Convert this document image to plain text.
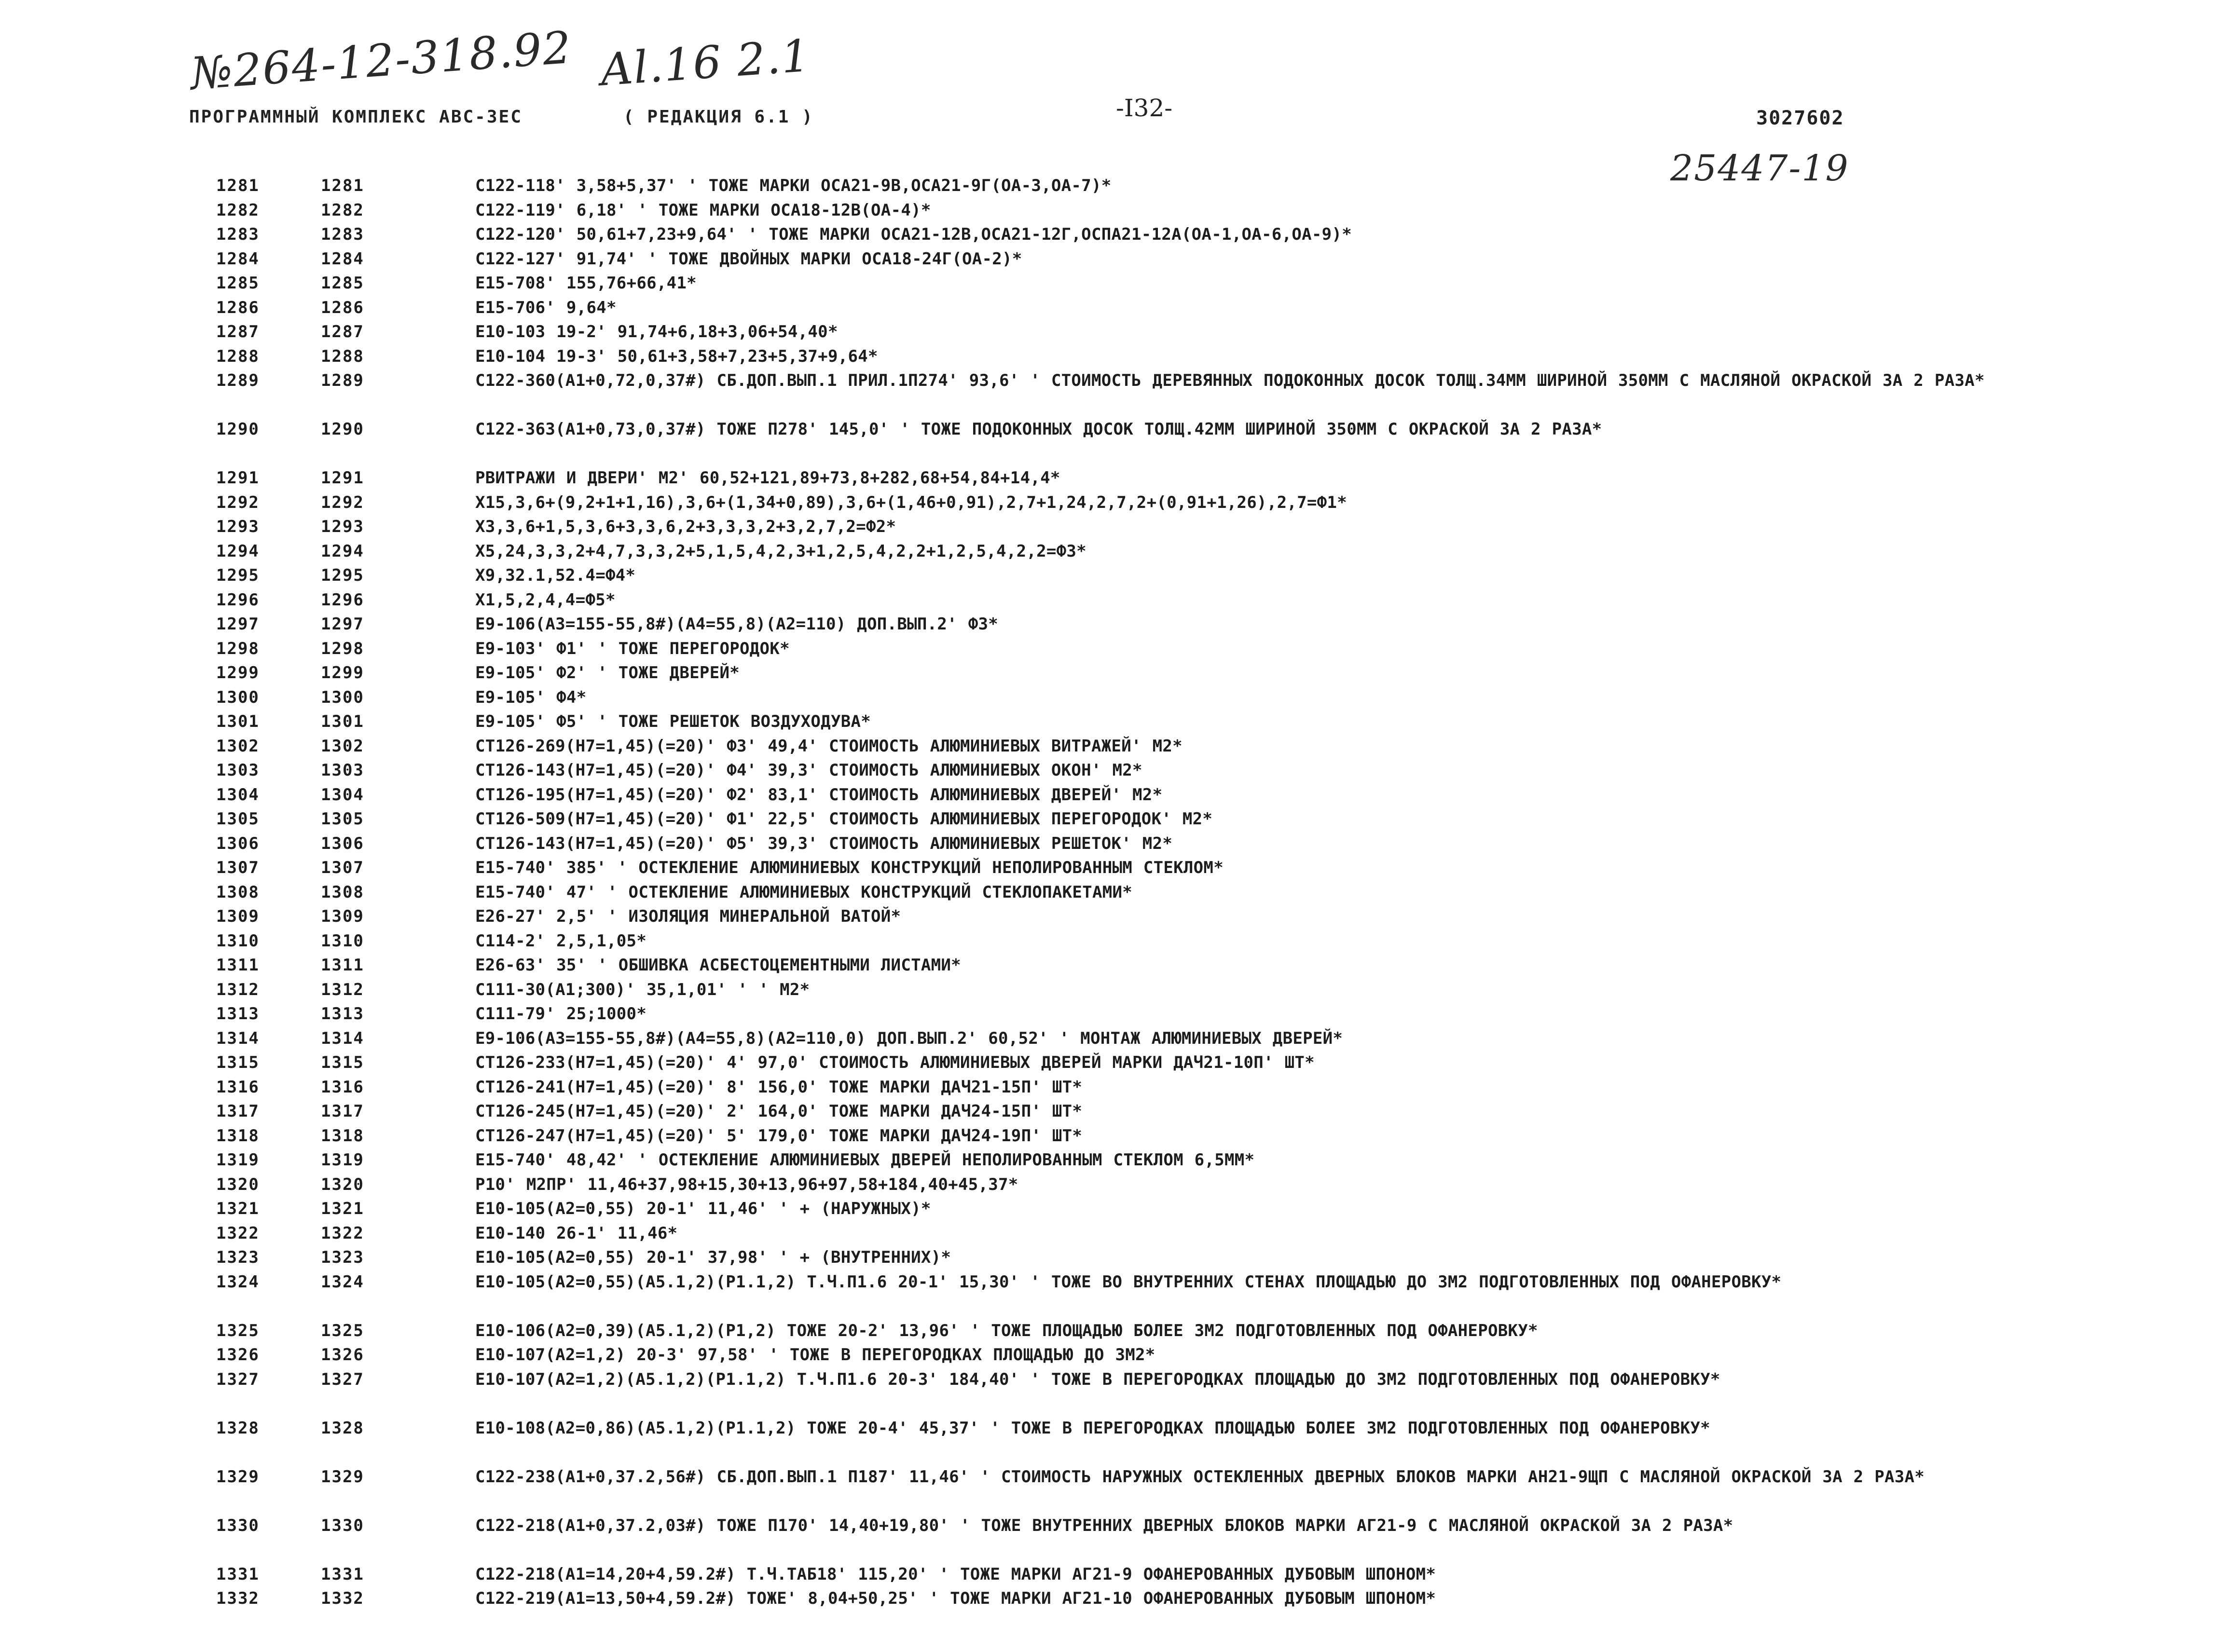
№264-12-318.92 Al.16 2.1
ПРОГРАММНЫЙ КОМПЛЕКС АВС-3ЕС	( РЕДАКЦИЯ 6.1 )	-I32-	3027602
25447-19
1281	1281	С122-118' 3,58+5,37' ' ТОЖЕ МАРКИ ОСА21-9В,ОСА21-9Г(ОА-3,ОА-7)*
1282	1282	С122-119' 6,18' ' ТОЖЕ МАРКИ ОСА18-12В(ОА-4)*
1283	1283	С122-120' 50,61+7,23+9,64' ' ТОЖЕ МАРКИ ОСА21-12В,ОСА21-12Г,ОСПА21-12А(ОА-1,ОА-6,ОА-9)*
1284	1284	С122-127' 91,74' ' ТОЖЕ ДВОЙНЫХ МАРКИ ОСА18-24Г(ОА-2)*
1285	1285	Е15-708' 155,76+66,41*
1286	1286	Е15-706' 9,64*
1287	1287	Е10-103 19-2' 91,74+6,18+3,06+54,40*
1288	1288	Е10-104 19-3' 50,61+3,58+7,23+5,37+9,64*
1289	1289	С122-360(А1+0,72,0,37#) СБ.ДОП.ВЫП.1 ПРИЛ.1П274' 93,6' ' СТОИМОСТЬ ДЕРЕВЯННЫХ ПОДОКОННЫХ ДОСОК ТОЛЩ.34ММ ШИРИНОЙ 350ММ С МАСЛЯНОЙ ОКРАСКОЙ ЗА 2 РАЗА*
1290	1290	С122-363(А1+0,73,0,37#) ТОЖЕ П278' 145,0' ' ТОЖЕ ПОДОКОННЫХ ДОСОК ТОЛЩ.42ММ ШИРИНОЙ 350ММ С ОКРАСКОЙ ЗА 2 РАЗА*
1291	1291	РВИТРАЖИ И ДВЕРИ' М2' 60,52+121,89+73,8+282,68+54,84+14,4*
1292	1292	Х15,3,6+(9,2+1+1,16),3,6+(1,34+0,89),3,6+(1,46+0,91),2,7+1,24,2,7,2+(0,91+1,26),2,7=Ф1*
1293	1293	Х3,3,6+1,5,3,6+3,3,6,2+3,3,3,2+3,2,7,2=Ф2*
1294	1294	Х5,24,3,3,2+4,7,3,3,2+5,1,5,4,2,3+1,2,5,4,2,2+1,2,5,4,2,2=Ф3*
1295	1295	Х9,32.1,52.4=Ф4*
1296	1296	Х1,5,2,4,4=Ф5*
1297	1297	Е9-106(А3=155-55,8#)(А4=55,8)(А2=110) ДОП.ВЫП.2' Ф3*
1298	1298	Е9-103' Ф1' ' ТОЖЕ ПЕРЕГОРОДОК*
1299	1299	Е9-105' Ф2' ' ТОЖЕ ДВЕРЕЙ*
1300	1300	Е9-105' Ф4*
1301	1301	Е9-105' Ф5' ' ТОЖЕ РЕШЕТОК ВОЗДУХОДУВА*
1302	1302	СТ126-269(Н7=1,45)(=20)' Ф3' 49,4' СТОИМОСТЬ АЛЮМИНИЕВЫХ ВИТРАЖЕЙ' М2*
1303	1303	СТ126-143(Н7=1,45)(=20)' Ф4' 39,3' СТОИМОСТЬ АЛЮМИНИЕВЫХ ОКОН' М2*
1304	1304	СТ126-195(Н7=1,45)(=20)' Ф2' 83,1' СТОИМОСТЬ АЛЮМИНИЕВЫХ ДВЕРЕЙ' М2*
1305	1305	СТ126-509(Н7=1,45)(=20)' Ф1' 22,5' СТОИМОСТЬ АЛЮМИНИЕВЫХ ПЕРЕГОРОДОК' М2*
1306	1306	СТ126-143(Н7=1,45)(=20)' Ф5' 39,3' СТОИМОСТЬ АЛЮМИНИЕВЫХ РЕШЕТОК' М2*
1307	1307	Е15-740' 385' ' ОСТЕКЛЕНИЕ АЛЮМИНИЕВЫХ КОНСТРУКЦИЙ НЕПОЛИРОВАННЫМ СТЕКЛОМ*
1308	1308	Е15-740' 47' ' ОСТЕКЛЕНИЕ АЛЮМИНИЕВЫХ КОНСТРУКЦИЙ СТЕКЛОПАКЕТАМИ*
1309	1309	Е26-27' 2,5' ' ИЗОЛЯЦИЯ МИНЕРАЛЬНОЙ ВАТОЙ*
1310	1310	С114-2' 2,5,1,05*
1311	1311	Е26-63' 35' ' ОБШИВКА АСБЕСТОЦЕМЕНТНЫМИ ЛИСТАМИ*
1312	1312	С111-30(А1;300)' 35,1,01' ' ' М2*
1313	1313	С111-79' 25;1000*
1314	1314	Е9-106(А3=155-55,8#)(А4=55,8)(А2=110,0) ДОП.ВЫП.2' 60,52' ' МОНТАЖ АЛЮМИНИЕВЫХ ДВЕРЕЙ*
1315	1315	СТ126-233(Н7=1,45)(=20)' 4' 97,0' СТОИМОСТЬ АЛЮМИНИЕВЫХ ДВЕРЕЙ МАРКИ ДАЧ21-10П' ШТ*
1316	1316	СТ126-241(Н7=1,45)(=20)' 8' 156,0' ТОЖЕ МАРКИ ДАЧ21-15П' ШТ*
1317	1317	СТ126-245(Н7=1,45)(=20)' 2' 164,0' ТОЖЕ МАРКИ ДАЧ24-15П' ШТ*
1318	1318	СТ126-247(Н7=1,45)(=20)' 5' 179,0' ТОЖЕ МАРКИ ДАЧ24-19П' ШТ*
1319	1319	Е15-740' 48,42' ' ОСТЕКЛЕНИЕ АЛЮМИНИЕВЫХ ДВЕРЕЙ НЕПОЛИРОВАННЫМ СТЕКЛОМ 6,5ММ*
1320	1320	Р10' М2ПР' 11,46+37,98+15,30+13,96+97,58+184,40+45,37*
1321	1321	Е10-105(А2=0,55) 20-1' 11,46' ' + (НАРУЖНЫХ)*
1322	1322	Е10-140 26-1' 11,46*
1323	1323	Е10-105(А2=0,55) 20-1' 37,98' ' + (ВНУТРЕННИХ)*
1324	1324	Е10-105(А2=0,55)(А5.1,2)(Р1.1,2) Т.Ч.П1.6 20-1' 15,30' ' ТОЖЕ ВО ВНУТРЕННИХ СТЕНАХ ПЛОЩАДЬЮ ДО 3М2 ПОДГОТОВЛЕННЫХ ПОД ОФАНЕРОВКУ*
1325	1325	Е10-106(А2=0,39)(А5.1,2)(Р1,2) ТОЖЕ 20-2' 13,96' ' ТОЖЕ ПЛОЩАДЬЮ БОЛЕЕ 3М2 ПОДГОТОВЛЕННЫХ ПОД ОФАНЕРОВКУ*
1326	1326	Е10-107(А2=1,2) 20-3' 97,58' ' ТОЖЕ В ПЕРЕГОРОДКАХ ПЛОЩАДЬЮ ДО 3М2*
1327	1327	Е10-107(А2=1,2)(А5.1,2)(Р1.1,2) Т.Ч.П1.6 20-3' 184,40' ' ТОЖЕ В ПЕРЕГОРОДКАХ ПЛОЩАДЬЮ ДО 3М2 ПОДГОТОВЛЕННЫХ ПОД ОФАНЕРОВКУ*
1328	1328	Е10-108(А2=0,86)(А5.1,2)(Р1.1,2) ТОЖЕ 20-4' 45,37' ' ТОЖЕ В ПЕРЕГОРОДКАХ ПЛОЩАДЬЮ БОЛЕЕ 3М2 ПОДГОТОВЛЕННЫХ ПОД ОФАНЕРОВКУ*
1329	1329	С122-238(А1+0,37.2,56#) СБ.ДОП.ВЫП.1 П187' 11,46' ' СТОИМОСТЬ НАРУЖНЫХ ОСТЕКЛЕННЫХ ДВЕРНЫХ БЛОКОВ МАРКИ АН21-9ЩП С МАСЛЯНОЙ ОКРАСКОЙ ЗА 2 РАЗА*
1330	1330	С122-218(А1+0,37.2,03#) ТОЖЕ П170' 14,40+19,80' ' ТОЖЕ ВНУТРЕННИХ ДВЕРНЫХ БЛОКОВ МАРКИ АГ21-9 С МАСЛЯНОЙ ОКРАСКОЙ ЗА 2 РАЗА*
1331	1331	С122-218(А1=14,20+4,59.2#) Т.Ч.ТАБ18' 115,20' ' ТОЖЕ МАРКИ АГ21-9 ОФАНЕРОВАННЫХ ДУБОВЫМ ШПОНОМ*
1332	1332	С122-219(А1=13,50+4,59.2#) ТОЖЕ' 8,04+50,25' ' ТОЖЕ МАРКИ АГ21-10 ОФАНЕРОВАННЫХ ДУБОВЫМ ШПОНОМ*
